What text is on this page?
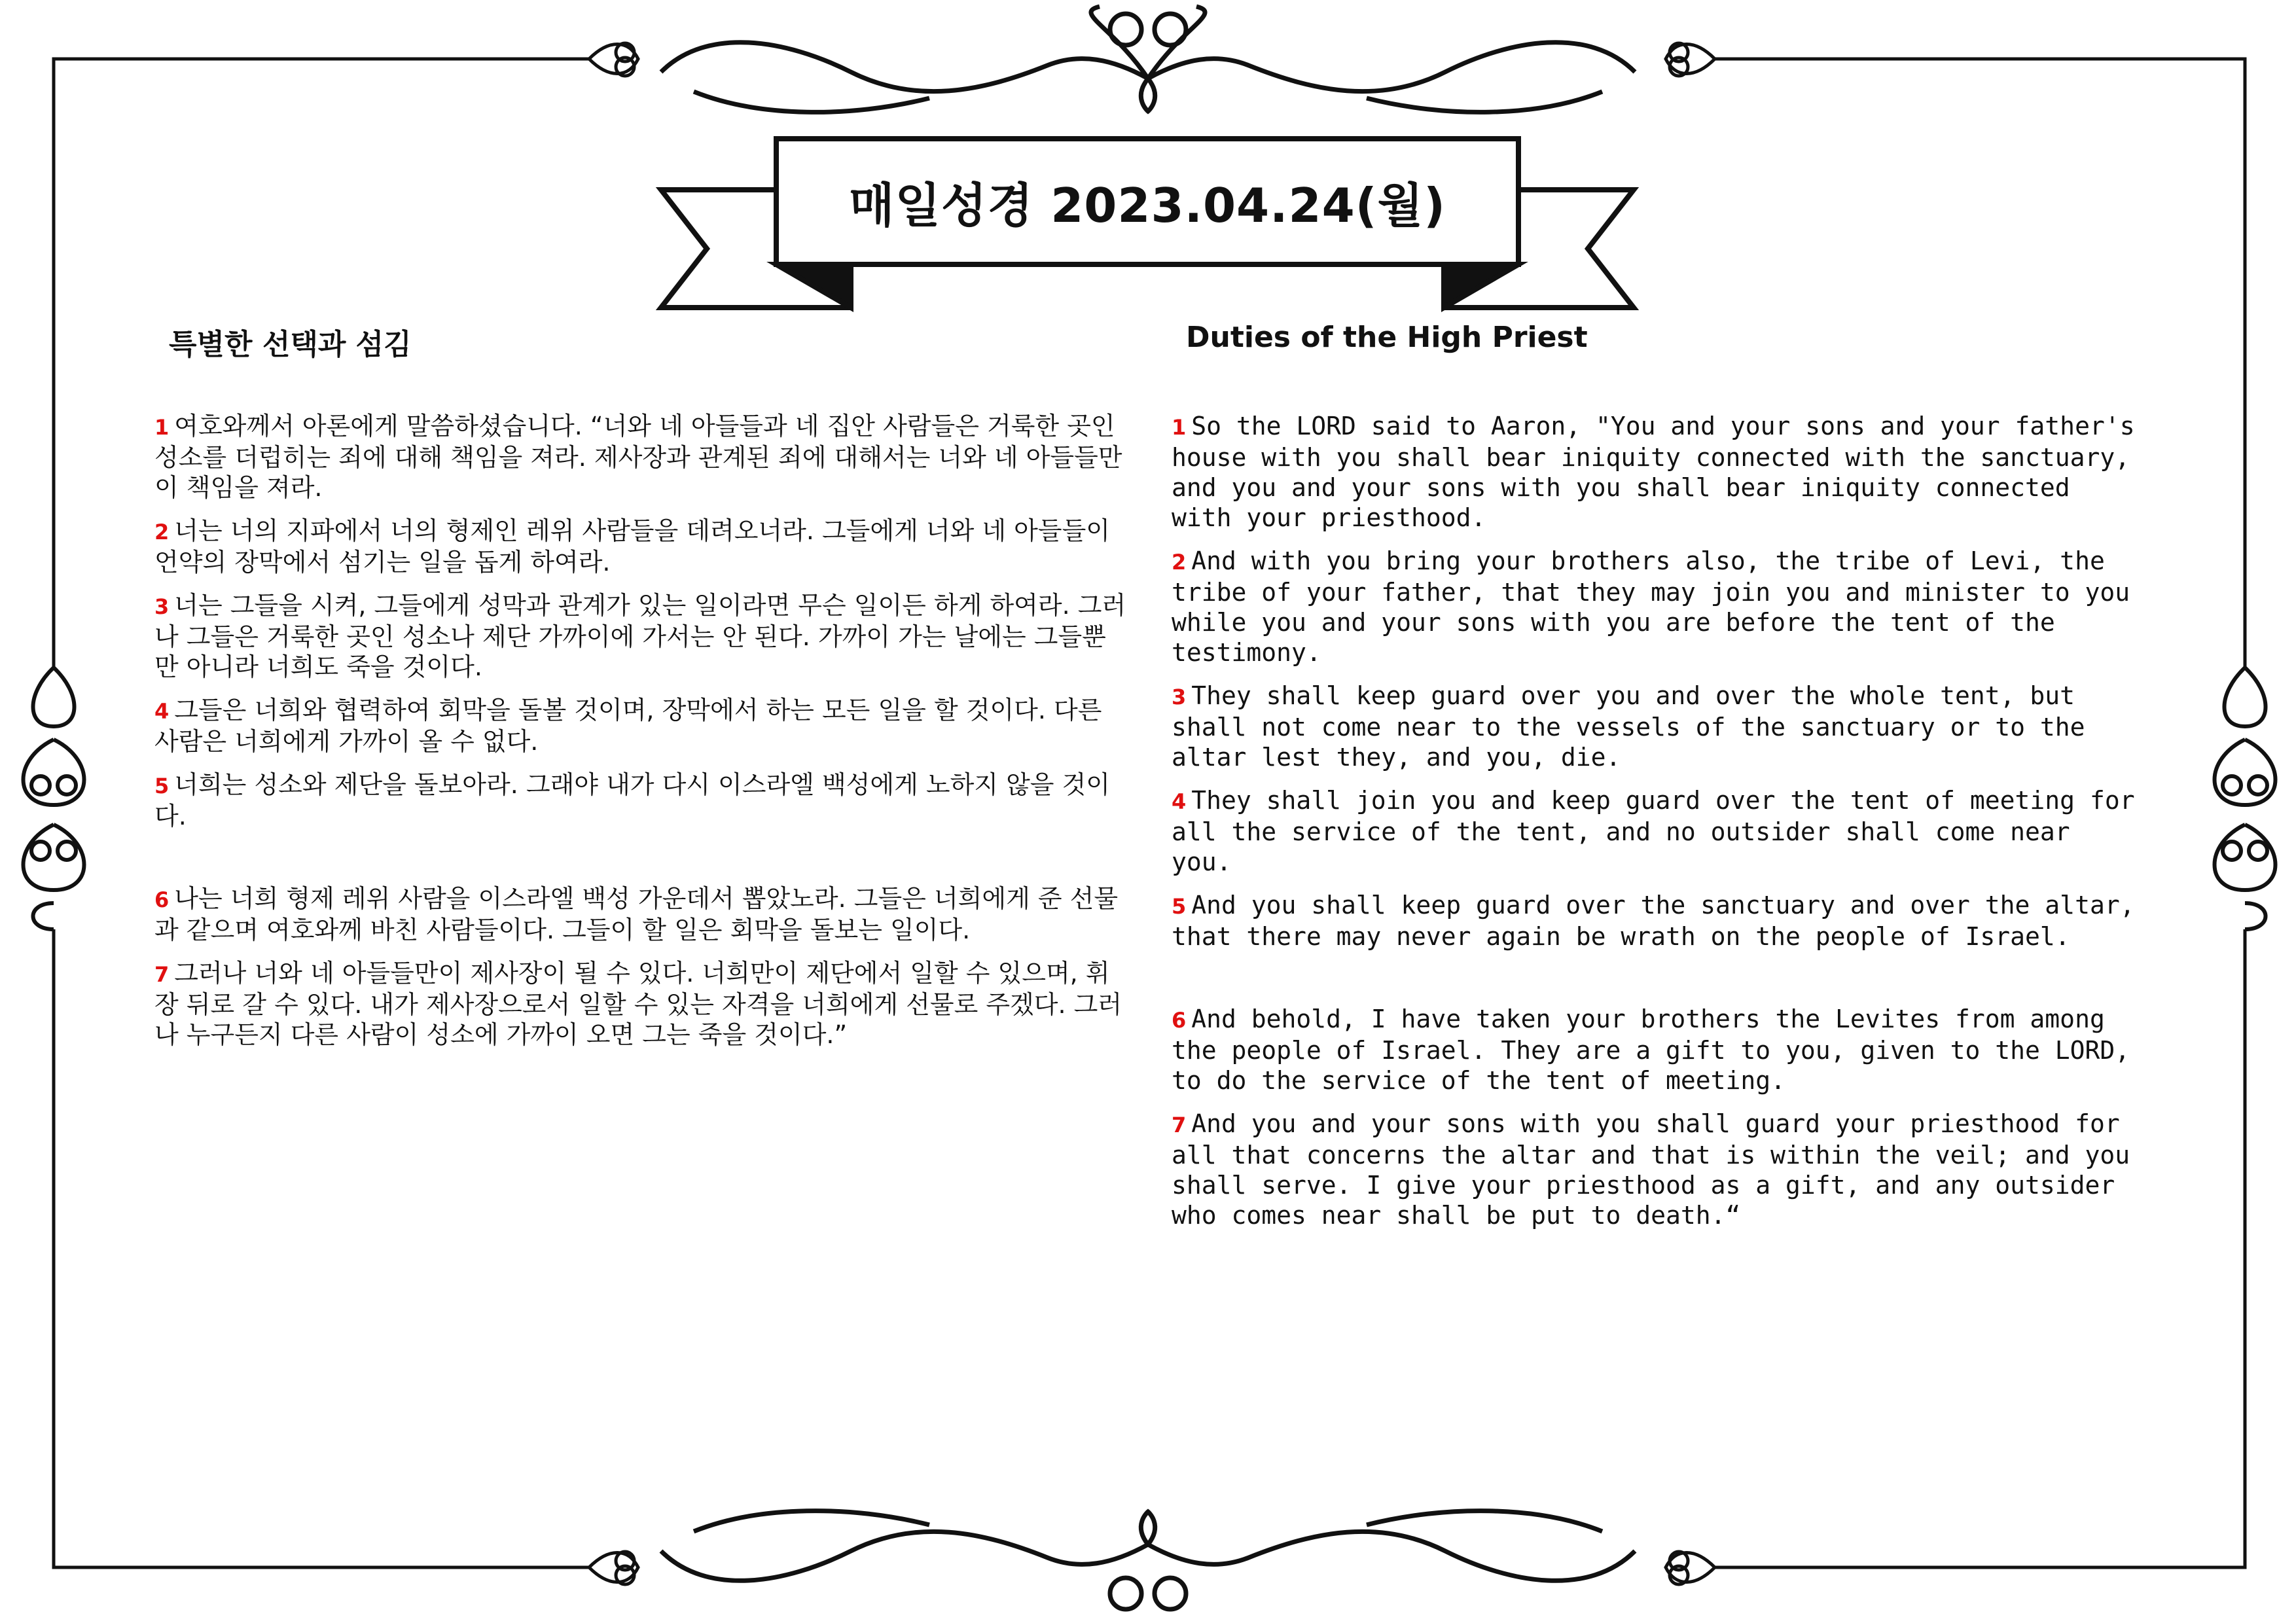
매일성경 2023.04.24(월)
특별한 선택과 섬김	Duties of the High Priest

1 여호와께서 아론에게 말씀하셨습니다. “너와 네 아들들과 네 집안 사람들은 거룩한 곳인 성소를 더럽히는 죄에 대해 책임을 져라. 제사장과 관계된 죄에 대해서는 너와 네 아들들만이 책임을 져라.

2 너는 너의 지파에서 너의 형제인 레위 사람들을 데려오너라. 그들에게 너와 네 아들들이 언약의 장막에서 섬기는 일을 돕게 하여라.

3 너는 그들을 시켜, 그들에게 성막과 관계가 있는 일이라면 무슨 일이든 하게 하여라. 그러나 그들은 거룩한 곳인 성소나 제단 가까이에 가서는 안 된다. 가까이 가는 날에는 그들뿐만 아니라 너희도 죽을 것이다.

4 그들은 너희와 협력하여 회막을 돌볼 것이며, 장막에서 하는 모든 일을 할 것이다. 다른 사람은 너희에게 가까이 올 수 없다.

5 너희는 성소와 제단을 돌보아라. 그래야 내가 다시 이스라엘 백성에게 노하지 않을 것이다.

6 나는 너희 형제 레위 사람을 이스라엘 백성 가운데서 뽑았노라. 그들은 너희에게 준 선물과 같으며 여호와께 바친 사람들이다. 그들이 할 일은 회막을 돌보는 일이다.

7 그러나 너와 네 아들들만이 제사장이 될 수 있다. 너희만이 제단에서 일할 수 있으며, 휘장 뒤로 갈 수 있다. 내가 제사장으로서 일할 수 있는 자격을 너희에게 선물로 주겠다. 그러나 누구든지 다른 사람이 성소에 가까이 오면 그는 죽을 것이다.”

1 So the LORD said to Aaron, "You and your sons and your father's house with you shall bear iniquity connected with the sanctuary, and you and your sons with you shall bear iniquity connected with your priesthood.

2 And with you bring your brothers also, the tribe of Levi, the tribe of your father, that they may join you and minister to you while you and your sons with you are before the tent of the testimony.

3 They shall keep guard over you and over the whole tent, but shall not come near to the vessels of the sanctuary or to the altar lest they, and you, die.

4 They shall join you and keep guard over the tent of meeting for all the service of the tent, and no outsider shall come near you.

5 And you shall keep guard over the sanctuary and over the altar, that there may never again be wrath on the people of Israel.

6 And behold, I have taken your brothers the Levites from among the people of Israel. They are a gift to you, given to the LORD, to do the service of the tent of meeting.

7 And you and your sons with you shall guard your priesthood for all that concerns the altar and that is within the veil; and you shall serve. I give your priesthood as a gift, and any outsider who comes near shall be put to death.“
